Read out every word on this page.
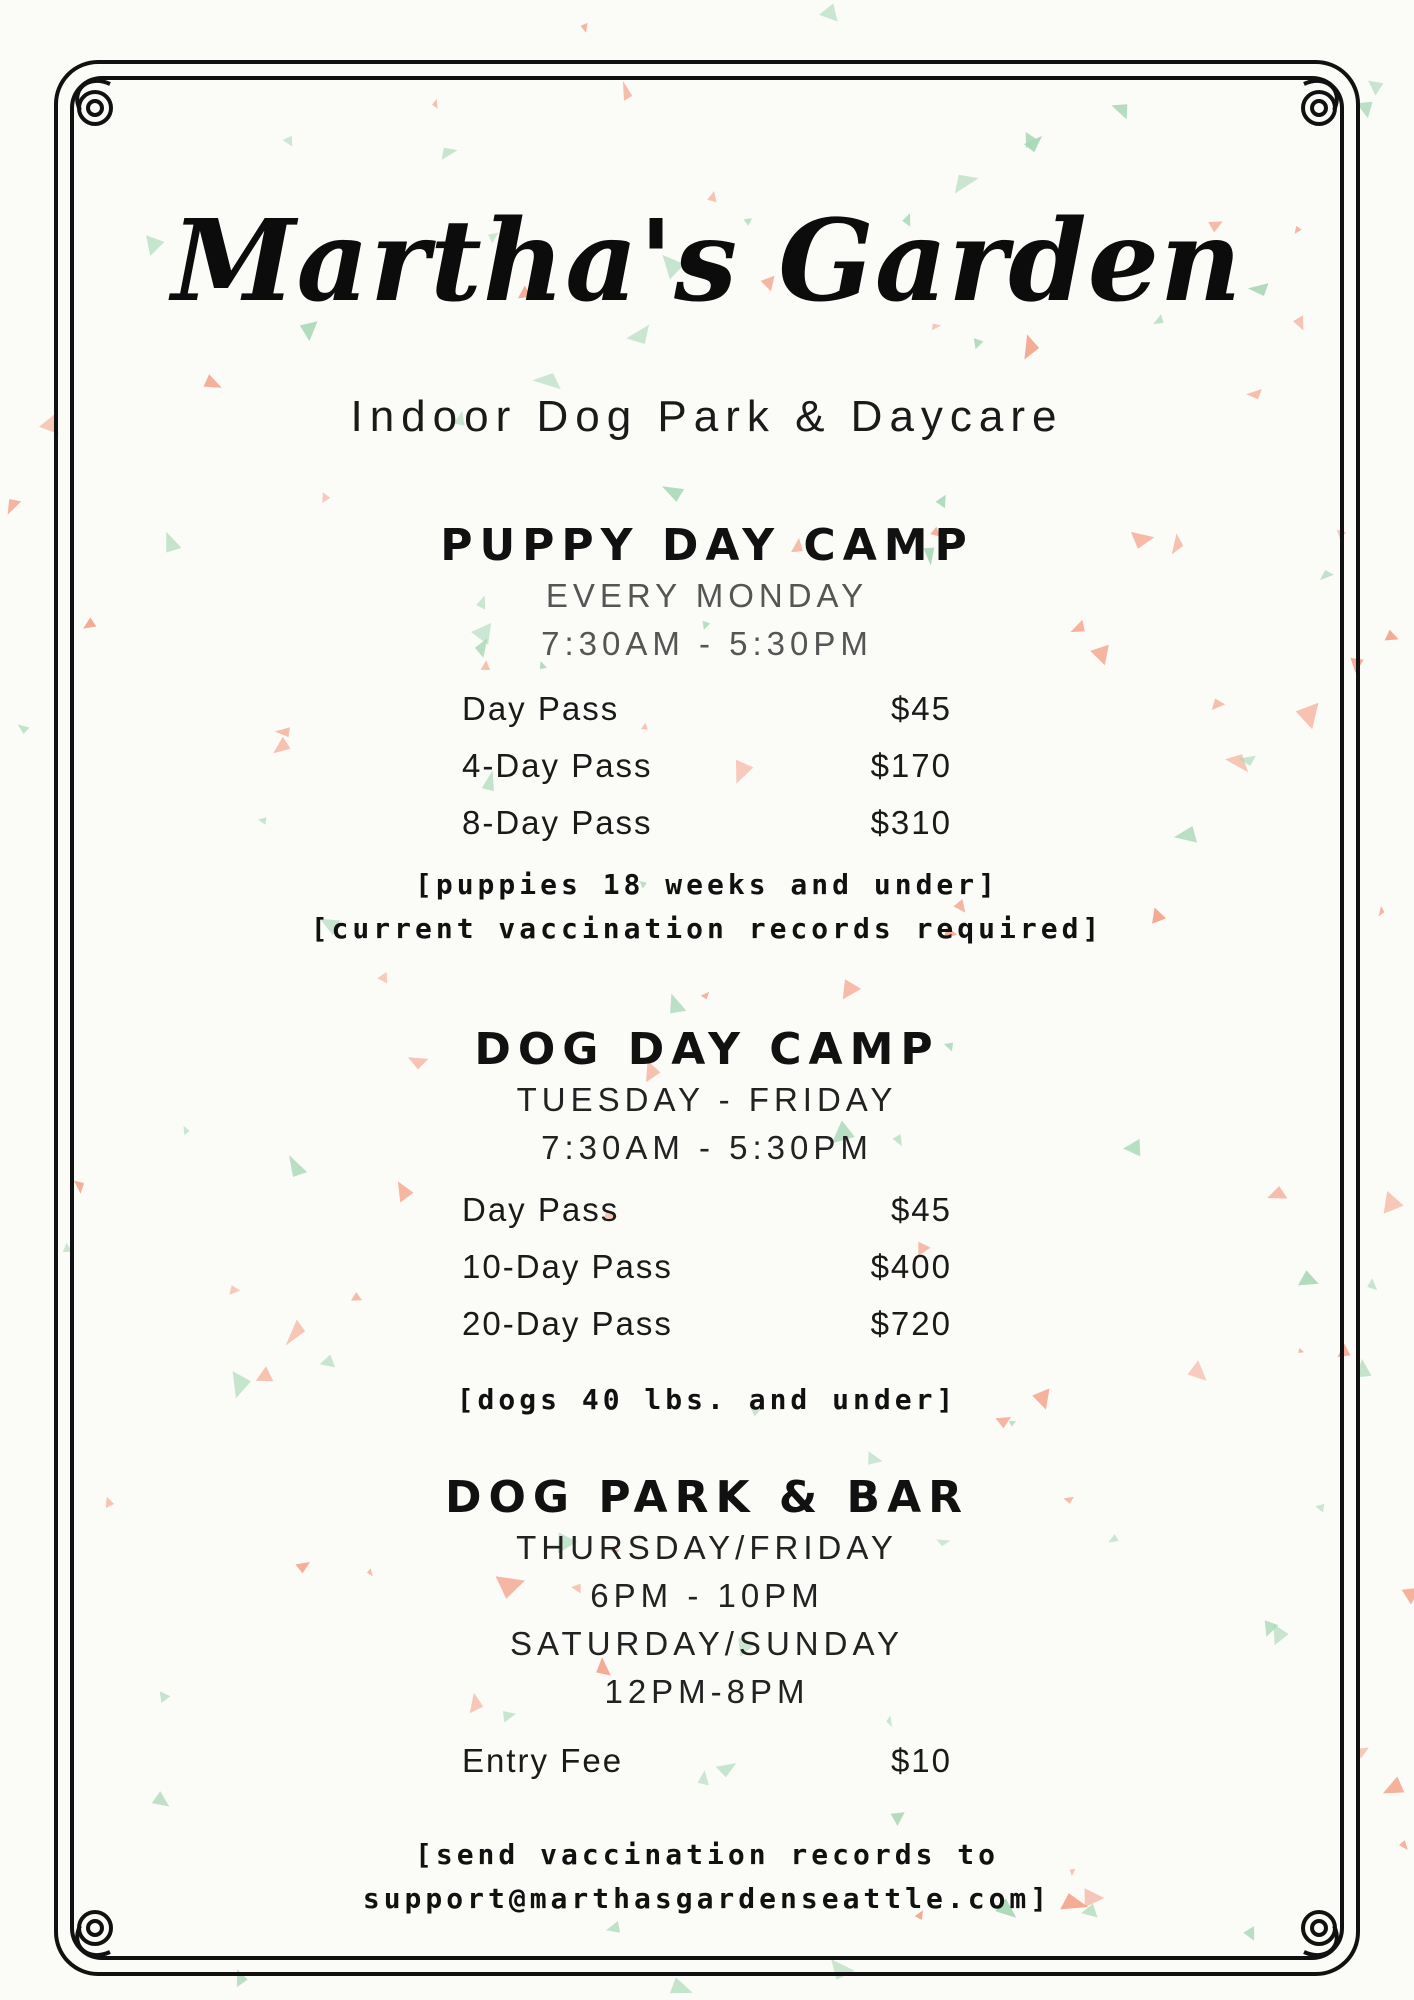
Martha's Garden
Indoor Dog Park & Daycare
PUPPY DAY CAMP
EVERY MONDAY
7:30AM - 5:30PM
Day Pass	$45
4-Day Pass	$170
8-Day Pass	$310
[puppies 18 weeks and under]
[current vaccination records required]
DOG DAY CAMP
TUESDAY - FRIDAY
7:30AM - 5:30PM
Day Pass	$45
10-Day Pass	$400
20-Day Pass	$720
[dogs 40 lbs. and under]
DOG PARK & BAR
THURSDAY/FRIDAY
6PM - 10PM
SATURDAY/SUNDAY
12PM-8PM
Entry Fee	$10
[send vaccination records to
support@marthasgardenseattle.com]
